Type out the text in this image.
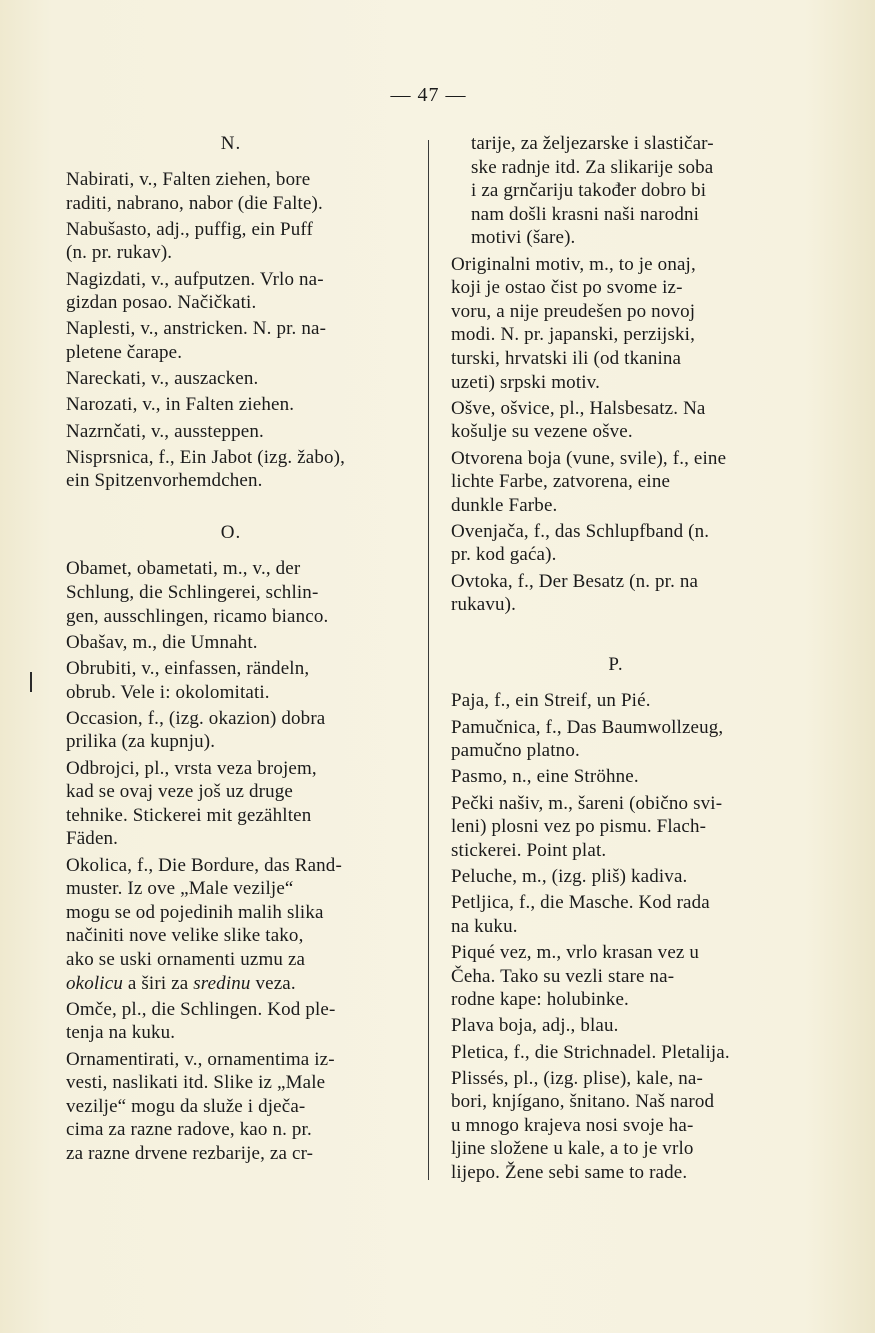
— 47 —
N.
Nabirati, v., Falten ziehen, bore
raditi, nabrano, nabor (die Falte).
Nabušasto, adj., puffig, ein Puff
(n. pr. rukav).
Nagizdati, v., aufputzen. Vrlo na-
gizdan posao. Načičkati.
Naplesti, v., anstricken. N. pr. na-
pletene čarape.
Nareckati, v., auszacken.
Narozati, v., in Falten ziehen.
Nazrnčati, v., aussteppen.
Nisprsnica, f., Ein Jabot (izg. žabo),
ein Spitzenvorhemdchen.
O.
Obamet, obametati, m., v., der
Schlung, die Schlingerei, schlin-
gen, ausschlingen, ricamo bianco.
Obašav, m., die Umnaht.
Obrubiti, v., einfassen, rändeln,
obrub. Vele i: okolomitati.
Occasion, f., (izg. okazion) dobra
prilika (za kupnju).
Odbrojci, pl., vrsta veza brojem,
kad se ovaj veze još uz druge
tehnike. Stickerei mit gezählten
Fäden.
Okolica, f., Die Bordure, das Rand-
muster. Iz ove „Male vezilje“
mogu se od pojedinih malih slika
načiniti nove velike slike tako,
ako se uski ornamenti uzmu za
okolicu a širi za sredinu veza.
Omče, pl., die Schlingen. Kod ple-
tenja na kuku.
Ornamentirati, v., ornamentima iz-
vesti, naslikati itd. Slike iz „Male
vezilje“ mogu da služe i dječa-
cima za razne radove, kao n. pr.
za razne drvene rezbarije, za cr-
tarije, za željezarske i slastičar-
ske radnje itd. Za slikarije soba
i za grnčariju također dobro bi
nam došli krasni naši narodni
motivi (šare).
Originalni motiv, m., to je onaj,
koji je ostao čist po svome iz-
voru, a nije preudešen po novoj
modi. N. pr. japanski, perzijski,
turski, hrvatski ili (od tkanina
uzeti) srpski motiv.
Ošve, ošvice, pl., Halsbesatz. Na
košulje su vezene ošve.
Otvorena boja (vune, svile), f., eine
lichte Farbe, zatvorena, eine
dunkle Farbe.
Ovenjača, f., das Schlupfband (n.
pr. kod gaća).
Ovtoka, f., Der Besatz (n. pr. na
rukavu).
P.
Paja, f., ein Streif, un Pié.
Pamučnica, f., Das Baumwollzeug,
pamučno platno.
Pasmo, n., eine Ströhne.
Pečki našiv, m., šareni (obično svi-
leni) plosni vez po pismu. Flach-
stickerei. Point plat.
Peluche, m., (izg. pliš) kadiva.
Petljica, f., die Masche. Kod rada
na kuku.
Piqué vez, m., vrlo krasan vez u
Čeha. Tako su vezli stare na-
rodne kape: holubinke.
Plava boja, adj., blau.
Pletica, f., die Strichnadel. Pletalija.
Plissés, pl., (izg. plise), kale, na-
bori, knjígano, šnitano. Naš narod
u mnogo krajeva nosi svoje ha-
ljine složene u kale, a to je vrlo
lijepo. Žene sebi same to rade.
